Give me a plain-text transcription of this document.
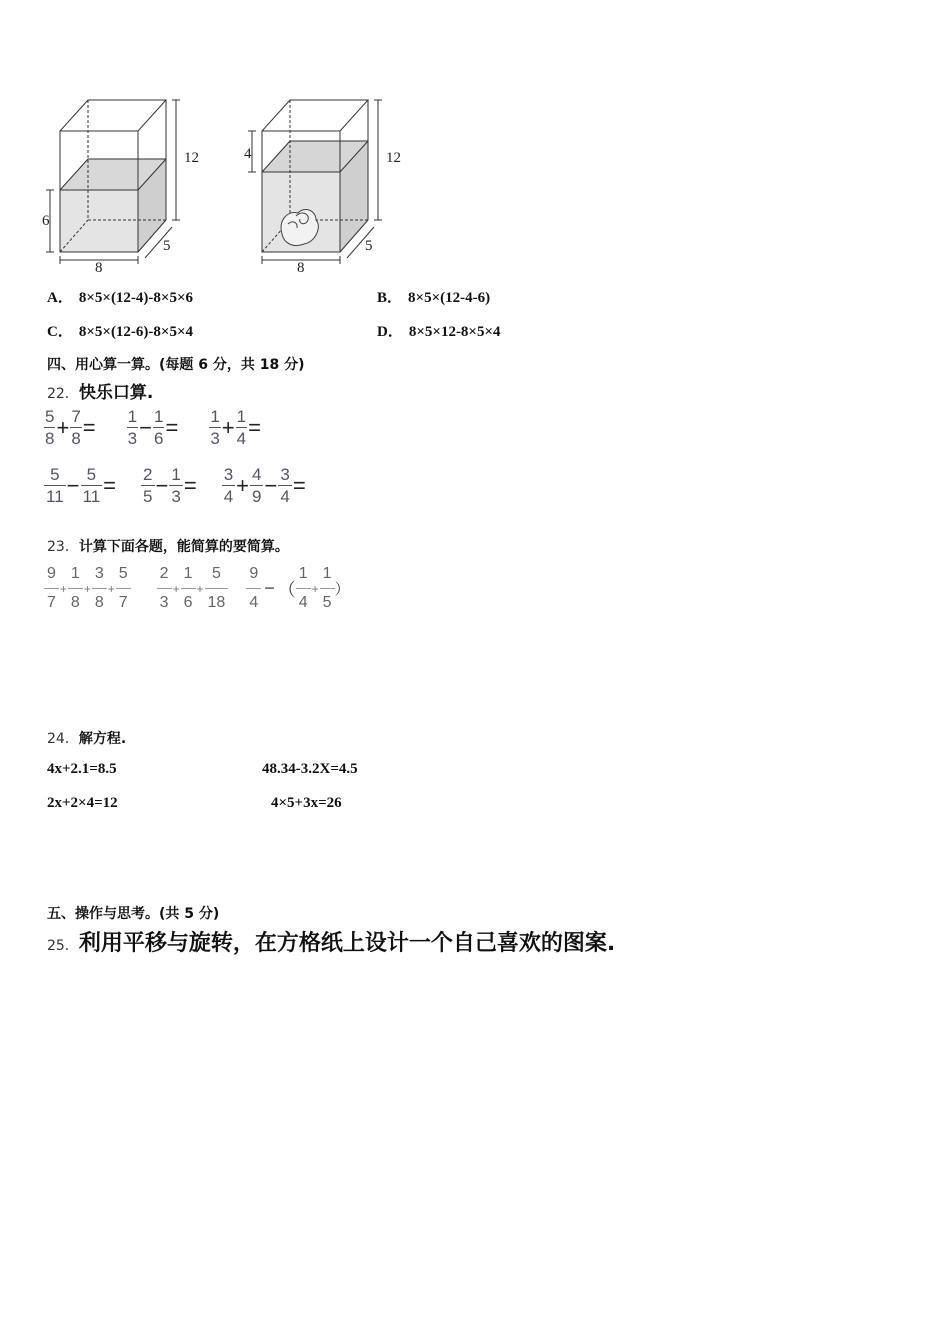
12
6
8
5
12
4
8
5
A． 8×5×(12-4)-8×5×6	B． 8×5×(12-4-6)
C． 8×5×(12-6)-8×5×4	D． 8×5×12-8×5×4
四、用心算一算。(每题 6 分，共 18 分)
22．快乐口算.
$\frac{5}{8} + \frac{7}{8} = \frac{1}{3} - \frac{1}{6} = \frac{1}{3} + \frac{1}{4}$ =
$\frac{5}{11} - \frac{5}{11} = \frac{2}{5} - \frac{1}{3} = \frac{3}{4} + \frac{4}{9} - \frac{3}{4}$ =
23．计算下面各题，能简算的要简算。
$\frac{9}{7} + \frac{1}{8} + \frac{3}{8} + \frac{5}{7} \frac{2}{3} + \frac{1}{6} + \frac{5}{18} \frac{9}{4}$ − （ $\frac{1}{4} + \frac{1}{5}$ ）
24．解方程.
4x+2.1=8.5	48.34-3.2X=4.5
2x+2×4=12	4×5+3x=26
五、操作与思考。(共 5 分)
25．利用平移与旋转，在方格纸上设计一个自己喜欢的图案.
